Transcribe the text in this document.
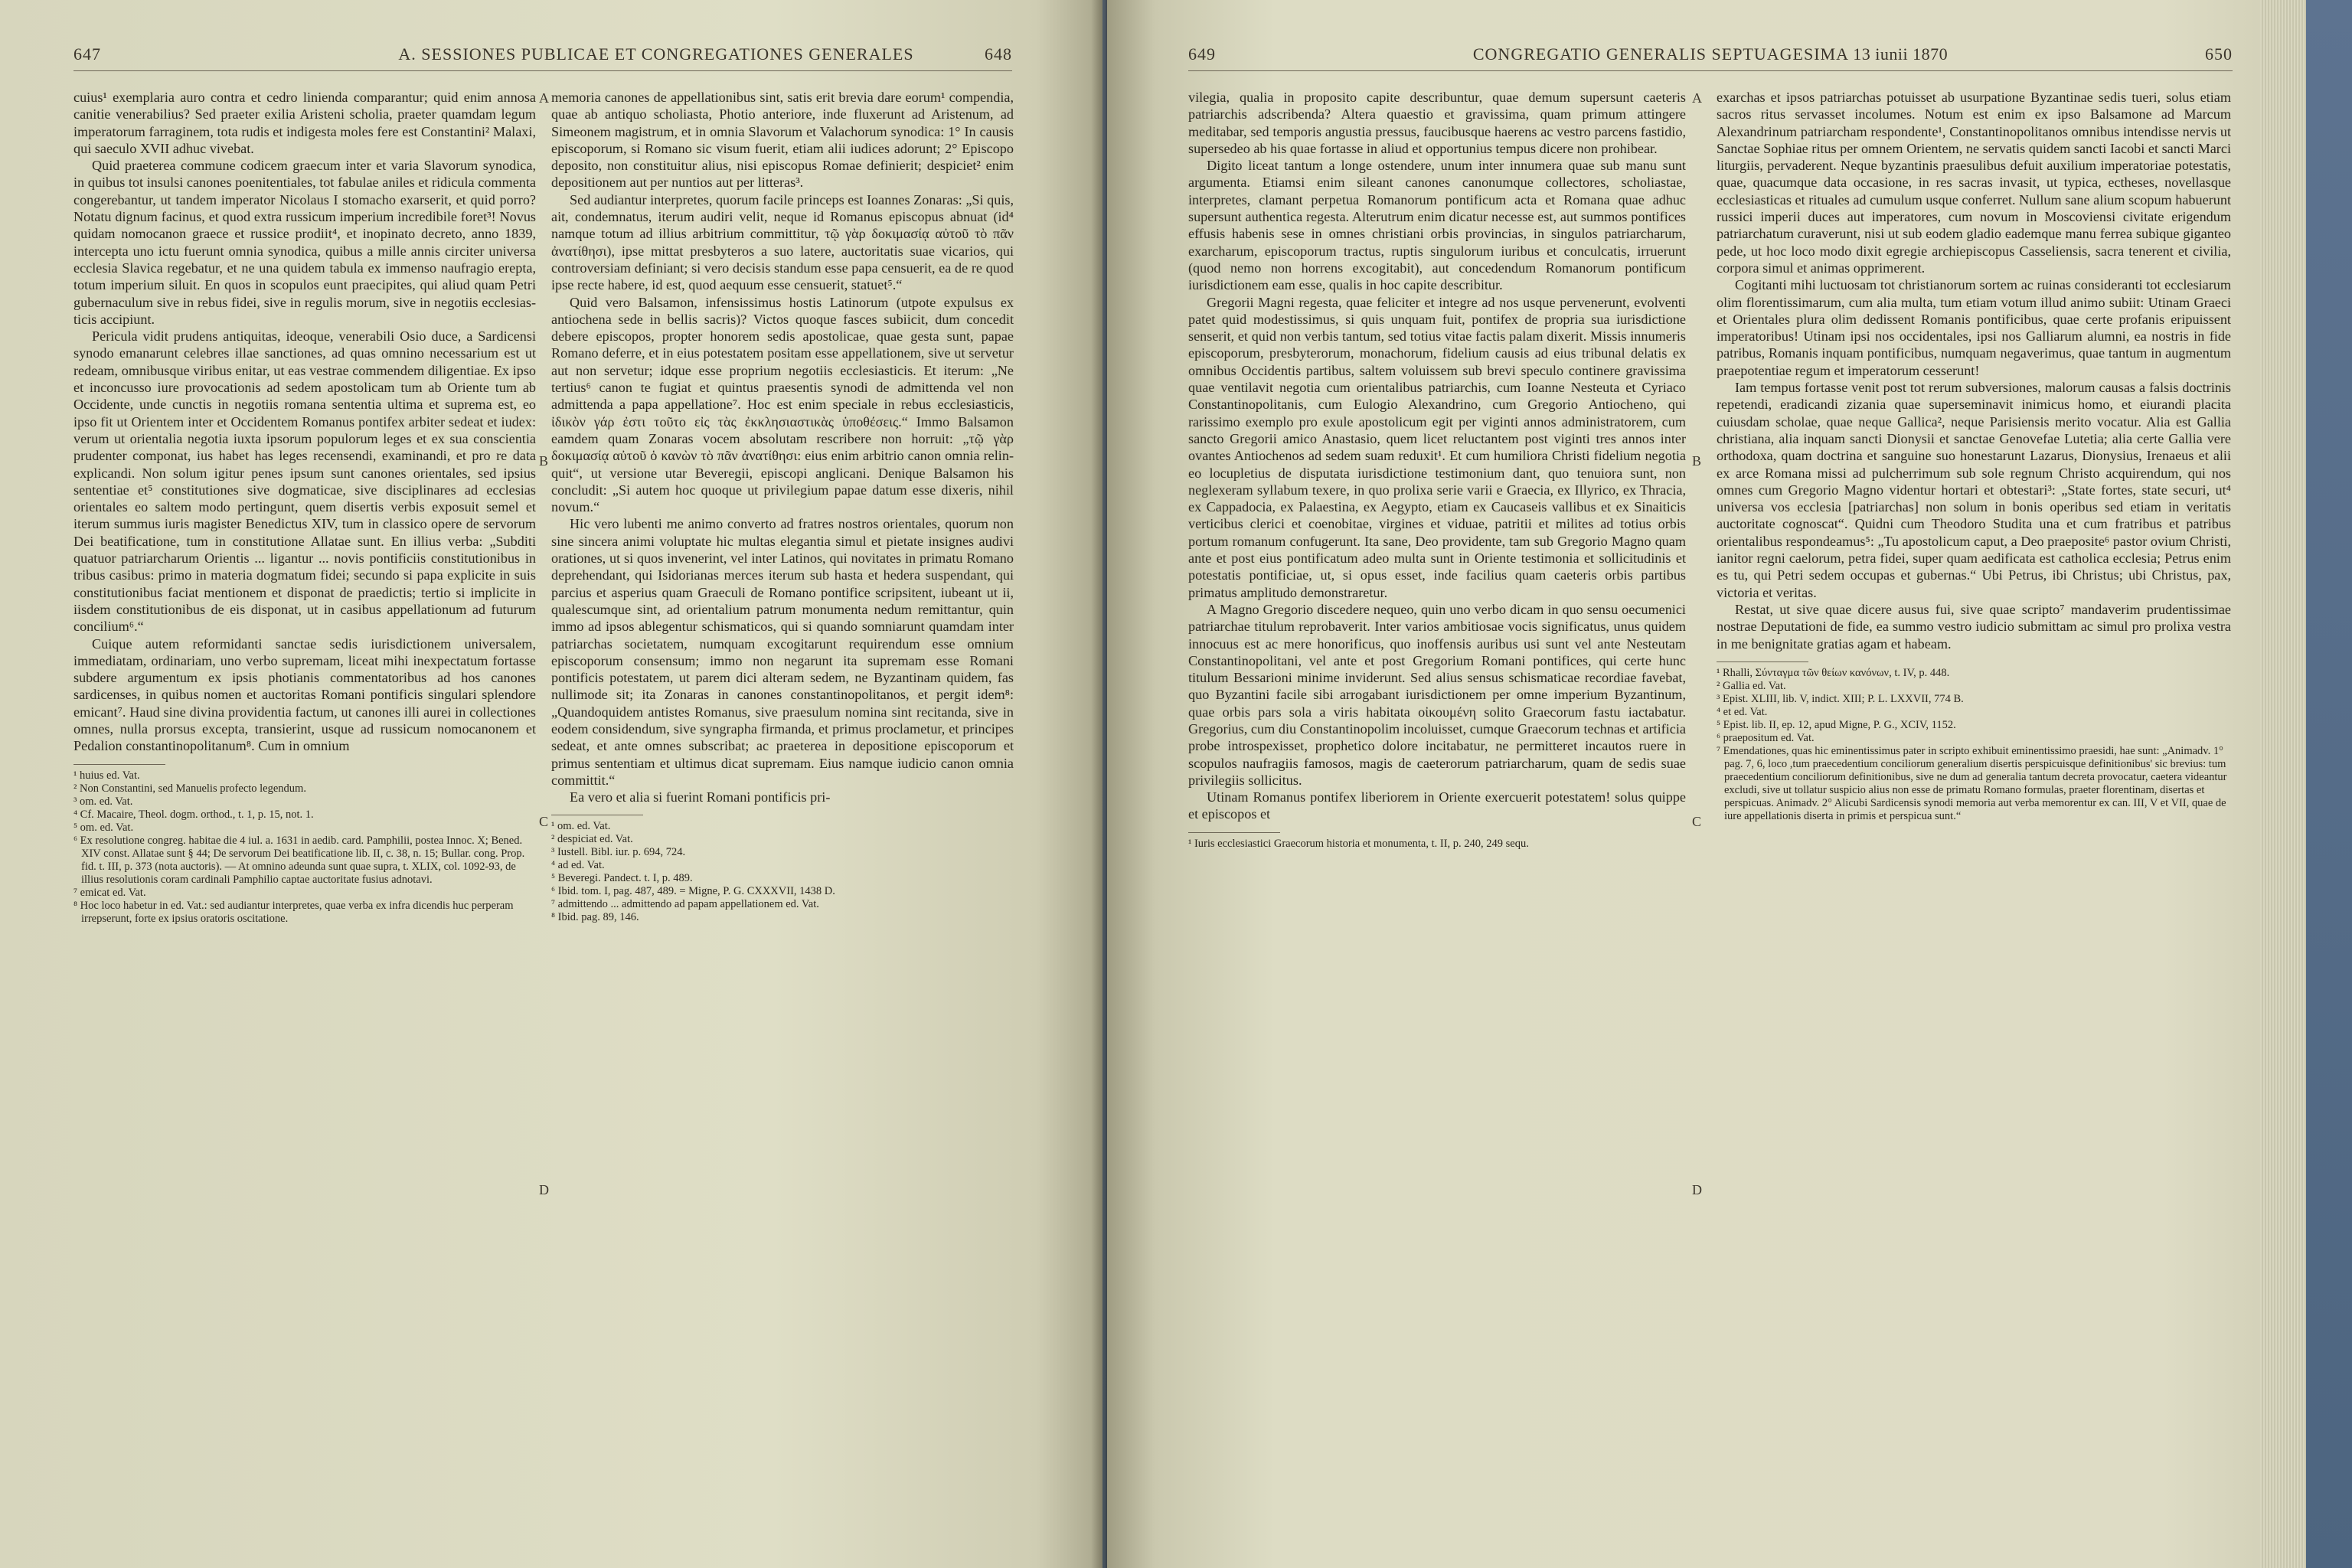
647	A. SESSIONES PUBLICAE ET CONGREGATIONES GENERALES	648

cuius¹ exemplaria auro contra et cedro linienda comparantur; quid enim annosa canitie venerabilius? Sed praeter exilia Aristeni scholia, praeter quamdam legum imperatorum farraginem, tota rudis et indigesta moles fere est Constantini² Malaxi, qui saeculo XVII adhuc vivebat.

Quid praeterea commune codicem graecum inter et varia Slavorum synodica, in quibus tot insulsi canones poenitentiales, tot fabulae aniles et ridicula commenta congerebantur, ut tandem imperator Nicolaus I stomacho exarserit, et quid porro? Notatu dignum facinus, et quod extra russicum imperium incredibile foret³! Novus quidam nomocanon graece et russice prodiit⁴, et inopinato decreto, anno 1839, intercepta uno ictu fuerunt omnia synodica, quibus a mille annis circiter universa ecclesia Slavica regebatur, et ne una quidem tabula ex immenso naufragio erepta, totum imperium siluit. En quos in scopulos eunt praecipites, qui aliud quam Petri gubernaculum sive in rebus fidei, sive in regulis morum, sive in negotiis ecclesiasticis accipiunt.

Pericula vidit prudens antiquitas, ideoque, venerabili Osio duce, a Sardicensi synodo emanarunt celebres illae sanctiones, ad quas omnino necessarium est ut redeam, omnibusque viribus enitar, ut eas vestrae commendem diligentiae. Ex ipso et inconcusso iure provocationis ad sedem apostolicam tum ab Oriente tum ab Occidente, unde cunctis in negotiis romana sententia ultima et suprema est, eo ipso fit ut Orientem inter et Occidentem Romanus pontifex arbiter sedeat et iudex: verum ut orientalia negotia iuxta ipsorum populorum leges et ex sua conscientia prudenter componat, ius habet has leges recensendi, examinandi, et pro re data explicandi. Non solum igitur penes ipsum sunt canones orientales, sed ipsius sententiae et⁵ constitutiones sive dogmaticae, sive disciplinares ad ecclesias orientales eo saltem modo pertingunt, quem disertis verbis exposuit semel et iterum summus iuris magister Benedictus XIV, tum in classico opere de servorum Dei beatificatione, tum in constitutione Allatae sunt. En illius verba: „Subditi quatuor patriarcharum Orientis ... ligantur ... novis pontificiis constitutionibus in tribus casibus: primo in materia dogmatum fidei; secundo si papa explicite in suis constitutionibus faciat mentionem et disponat de praedictis; tertio si implicite in iisdem constitutionibus de eis disponat, ut in casibus appellationum ad futurum concilium⁶.“

Cuique autem reformidanti sanctae sedis iurisdictionem universalem, immediatam, ordinariam, uno verbo supremam, liceat mihi inexpectatum fortasse subdere argumentum ex ipsis photianis commentatoribus ad hos canones sardicenses, in quibus nomen et auctoritas Romani pontificis singulari splendore emicant⁷. Haud sine divina providentia factum, ut canones illi aurei in collectiones omnes, nulla prorsus excepta, transierint, usque ad russicum nomocanonem et Pedalion constantinopolitanum⁸. Cum in omnium

¹ huius ed. Vat.
² Non Constantini, sed Manuelis profecto legendum.
³ om. ed. Vat.
⁴ Cf. Macaire, Theol. dogm. orthod., t. 1, p. 15, not. 1.
⁵ om. ed. Vat.
⁶ Ex resolutione congreg. habitae die 4 iul. a. 1631 in aedib. card. Pamphilii, postea Innoc. X; Bened. XIV const. Allatae sunt § 44; De servorum Dei beatificatione lib. II, c. 38, n. 15; Bullar. cong. Prop. fid. t. III, p. 373 (nota auctoris). — At omnino adeunda sunt quae supra, t. XLIX, col. 1092-93, de illius resolutionis coram cardinali Pamphilio captae auctoritate fusius adnotavi.
⁷ emicat ed. Vat.
⁸ Hoc loco habetur in ed. Vat.: sed audiantur interpretes, quae verba ex infra dicendis huc perperam irrepserunt, forte ex ipsius oratoris oscitatione.

memoria canones de appellationibus sint, satis erit brevia dare eorum¹ compendia, quae ab antiquo scholiasta, Photio anteriore, inde fluxerunt ad Aristenum, ad Simeonem magistrum, et in omnia Slavorum et Valachorum synodica: 1° In causis episcoporum, si Romano sic visum fuerit, etiam alii iudices adorunt; 2° Episcopo deposito, non constituitur alius, nisi episcopus Romae definierit; despiciet² enim depositionem aut per nuntios aut per litteras³.

Sed audiantur interpretes, quorum facile princeps est Ioannes Zonaras: „Si quis, ait, condemnatus, iterum audiri velit, neque id Romanus episcopus abnuat (id⁴ namque totum ad illius arbitrium committitur, τῷ γὰρ δοκιμασίᾳ αὐτοῦ τὸ πᾶν ἀνατίθησι), ipse mittat presbyteros a suo latere, auctoritatis suae vicarios, qui controversiam definiant; si vero decisis standum esse papa censuerit, ea de re quod ipse recte habere, id est, quod aequum esse censuerit, statuet⁵.“

Quid vero Balsamon, infensissimus hostis Latinorum (utpote expulsus ex antiochena sede in bellis sacris)? Victos quoque fasces subiicit, dum concedit debere episcopos, propter honorem sedis apostolicae, quae gesta sunt, papae Romano deferre, et in eius potestatem positam esse appellationem, sive ut servetur aut non servetur; idque esse proprium negotiis ecclesiasticis. Et iterum: „Ne tertius⁶ canon te fugiat et quintus praesentis synodi de admittenda vel non admittenda a papa appellatione⁷. Hoc est enim speciale in rebus ecclesiasticis, ἰδικὸν γάρ ἐστι τοῦτο εἰς τὰς ἐκκλησιαστικὰς ὑποθέσεις.“ Immo Balsamon eamdem quam Zonaras vocem absolutam rescribere non horruit: „τῷ γὰρ δοκιμασίᾳ αὐτοῦ ὁ κανὼν τὸ πᾶν ἀνατίθησι: eius enim arbitrio canon omnia relinquit“, ut versione utar Beveregii, episcopi anglicani. Denique Balsamon his concludit: „Si autem hoc quoque ut privilegium papae datum esse dixeris, nihil novum.“

Hic vero lubenti me animo converto ad fratres nostros orientales, quorum non sine sincera animi voluptate hic multas elegantia simul et pietate insignes audivi orationes, ut si quos invenerint, vel inter Latinos, qui novitates in primatu Romano deprehendant, qui Isidorianas merces iterum sub hasta et hedera suspendant, qui parcius et asperius quam Graeculi de Romano pontifice scripsitent, iubeant ut ii, qualescumque sint, ad orientalium patrum monumenta nedum remittantur, quin immo ad ipsos ablegentur schismaticos, qui si quando somniarunt quamdam inter patriarchas societatem, numquam excogitarunt requirendum esse omnium episcoporum consensum; immo non negarunt ita supremam esse Romani pontificis potestatem, ut parem dici alteram sedem, ne Byzantinam quidem, fas nullimode sit; ita Zonaras in canones constantinopolitanos, et pergit idem⁸: „Quandoquidem antistes Romanus, sive praesulum nomina sint recitanda, sive in eodem considendum, sive syngrapha firmanda, et primus proclametur, et principes sedeat, et ante omnes subscribat; ac praeterea in depositione episcoporum et primus sententiam et ultimus dicat supremam. Eius namque iudicio canon omnia committit.“

Ea vero et alia si fuerint Romani pontificis pri-

¹ om. ed. Vat.
² despiciat ed. Vat.
³ Iustell. Bibl. iur. p. 694, 724.
⁴ ad ed. Vat.
⁵ Beveregi. Pandect. t. I, p. 489.
⁶ Ibid. tom. I, pag. 487, 489. = Migne, P. G. CXXXVII, 1438 D.
⁷ admittendo ... admittendo ad papam appellationem ed. Vat.
⁸ Ibid. pag. 89, 146.
A
B
C
D
649	CONGREGATIO GENERALIS SEPTUAGESIMA 13 iunii 1870	650

vilegia, qualia in proposito capite describuntur, quae demum supersunt caeteris patriarchis adscribenda? Altera quaestio et gravissima, quam primum attingere meditabar, sed temporis angustia pressus, faucibusque haerens ac vestro parcens fastidio, supersedeo ab his quae fortasse in aliud et opportunius tempus dicere non prohibear.

Digito liceat tantum a longe ostendere, unum inter innumera quae sub manu sunt argumenta. Etiamsi enim sileant canones canonumque collectores, scholiastae, interpretes, clamant perpetua Romanorum pontificum acta et Romana quae adhuc supersunt authentica regesta. Alterutrum enim dicatur necesse est, aut summos pontifices effusis habenis sese in omnes christiani orbis provincias, in singulos patriarcharum, exarcharum, episcoporum tractus, ruptis singulorum iuribus et conculcatis, irruerunt (quod nemo non horrens excogitabit), aut concedendum Romanorum pontificum iurisdictionem eam esse, qualis in hoc capite describitur.

Gregorii Magni regesta, quae feliciter et integre ad nos usque pervenerunt, evolventi patet quid modestissimus, si quis unquam fuit, pontifex de propria sua iurisdictione senserit, et quid non verbis tantum, sed totius vitae factis palam dixerit. Missis innumeris episcoporum, presbyterorum, monachorum, fidelium causis ad eius tribunal delatis ex omnibus Occidentis partibus, saltem voluissem sub brevi speculo continere gravissima quae ventilavit negotia cum orientalibus patriarchis, cum Ioanne Nesteuta et Cyriaco Constantinopolitanis, cum Eulogio Alexandrino, cum Gregorio Antiocheno, qui rarissimo exemplo pro exule apostolicum egit per viginti annos administratorem, cum sancto Gregorii amico Anastasio, quem licet reluctantem post viginti tres annos inter ovantes Antiochenos ad sedem suam reduxit¹. Et cum humiliora Christi fidelium negotia eo locupletius de disputata iurisdictione testimonium dant, quo tenuiora sunt, non neglexeram syllabum texere, in quo prolixa serie varii e Graecia, ex Illyrico, ex Thracia, ex Cappadocia, ex Palaestina, ex Aegypto, etiam ex Caucaseis vallibus et ex Sinaiticis verticibus clerici et coenobitae, virgines et viduae, patritii et milites ad totius orbis portum romanum confugerunt. Ita sane, Deo providente, tam sub Gregorio Magno quam ante et post eius pontificatum adeo multa sunt in Oriente testimonia et sollicitudinis et potestatis pontificiae, ut, si opus esset, inde facilius quam caeteris orbis partibus primatus amplitudo demonstraretur.

A Magno Gregorio discedere nequeo, quin uno verbo dicam in quo sensu oecumenici patriarchae titulum reprobaverit. Inter varios ambitiosae vocis significatus, unus quidem innocuus est ac mere honorificus, quo inoffensis auribus usi sunt vel ante Nesteutam Constantinopolitani, vel ante et post Gregorium Romani pontifices, qui certe hunc titulum Bessarioni minime inviderunt. Sed alius sensus schismaticae recordiae favebat, quo Byzantini facile sibi arrogabant iurisdictionem per omne imperium Byzantinum, quae orbis pars sola a viris habitata οἰκουμένη solito Graecorum fastu iactabatur. Gregorius, cum diu Constantinopolim incoluisset, cumque Graecorum technas et artificia probe introspexisset, prophetico dolore incitabatur, ne permitteret incautos ruere in scopulos naufragiis famosos, magis de caeterorum patriarcharum, quam de sedis suae privilegiis sollicitus.

Utinam Romanus pontifex liberiorem in Oriente exercuerit potestatem! solus quippe et episcopos et

¹ Iuris ecclesiastici Graecorum historia et monumenta, t. II, p. 240, 249 sequ.

exarchas et ipsos patriarchas potuisset ab usurpatione Byzantinae sedis tueri, solus etiam sacros ritus servasset incolumes. Notum est enim ex ipso Balsamone ad Marcum Alexandrinum patriarcham respondente¹, Constantinopolitanos omnibus intendisse nervis ut Sanctae Sophiae ritus per omnem Orientem, ne servatis quidem sancti Iacobi et sancti Marci liturgiis, pervaderent. Neque byzantinis praesulibus defuit auxilium imperatoriae potestatis, quae, quacumque data occasione, in res sacras invasit, ut typica, ectheses, novellasque ecclesiasticas et rituales ad cumulum usque conferret. Nullum sane alium scopum habuerunt russici imperii duces aut imperatores, cum novum in Moscoviensi civitate erigendum patriarchatum curaverunt, nisi ut sub eodem gladio eademque manu ferrea subique giganteo pede, ut hoc loco modo dixit egregie archiepiscopus Casseliensis, sacra tenerent et civilia, corpora simul et animas opprimerent.

Cogitanti mihi luctuosam tot christianorum sortem ac ruinas consideranti tot ecclesiarum olim florentissimarum, cum alia multa, tum etiam votum illud animo subiit: Utinam Graeci et Orientales plura olim dedissent Romanis pontificibus, quae certe profanis eripuissent imperatoribus! Utinam ipsi nos occidentales, ipsi nos Galliarum alumni, ea nostris in fide patribus, Romanis inquam pontificibus, numquam negaverimus, quae tantum in augmentum praepotentiae regum et imperatorum cesserunt!

Iam tempus fortasse venit post tot rerum subversiones, malorum causas a falsis doctrinis repetendi, eradicandi zizania quae superseminavit inimicus homo, et eiurandi placita cuiusdam scholae, quae neque Gallica², neque Parisiensis merito vocatur. Alia est Gallia christiana, alia inquam sancti Dionysii et sanctae Genovefae Lutetia; alia certe Gallia vere orthodoxa, quam doctrina et sanguine suo honestarunt Lazarus, Dionysius, Irenaeus et alii ex arce Romana missi ad pulcherrimum sub sole regnum Christo acquirendum, qui nos omnes cum Gregorio Magno videntur hortari et obtestari³: „State fortes, state securi, ut⁴ universa vos ecclesia [patriarchas] non solum in bonis operibus sed etiam in veritatis auctoritate cognoscat“. Quidni cum Theodoro Studita una et cum fratribus et patribus orientalibus respondeamus⁵: „Tu apostolicum caput, a Deo praeposite⁶ pastor ovium Christi, ianitor regni caelorum, petra fidei, super quam aedificata est catholica ecclesia; Petrus enim es tu, qui Petri sedem occupas et gubernas.“ Ubi Petrus, ibi Christus; ubi Christus, pax, victoria et veritas.

Restat, ut sive quae dicere ausus fui, sive quae scripto⁷ mandaverim prudentissimae nostrae Deputationi de fide, ea summo vestro iudicio submittam ac simul pro prolixa vestra in me benignitate gratias agam et habeam.

¹ Rhalli, Σύνταγμα τῶν θείων κανόνων, t. IV, p. 448.
² Gallia ed. Vat.
³ Epist. XLIII, lib. V, indict. XIII; P. L. LXXVII, 774 B.
⁴ et ed. Vat.
⁵ Epist. lib. II, ep. 12, apud Migne, P. G., XCIV, 1152.
⁶ praepositum ed. Vat.
⁷ Emendationes, quas hic eminentissimus pater in scripto exhibuit eminentissimo praesidi, hae sunt: „Animadv. 1° pag. 7, 6, loco ,tum praecedentium conciliorum generalium disertis perspicuisque definitionibus' sic brevius: tum praecedentium conciliorum definitionibus, sive ne dum ad generalia tantum decreta provocatur, caetera videantur excludi, sive ut tollatur suspicio alius non esse de primatu Romano formulas, praeter florentinam, disertas et perspicuas. Animadv. 2° Alicubi Sardicensis synodi memoria aut verba memorentur ex can. III, V et VII, quae de iure appellationis diserta in primis et perspicua sunt.“
A
B
C
D
